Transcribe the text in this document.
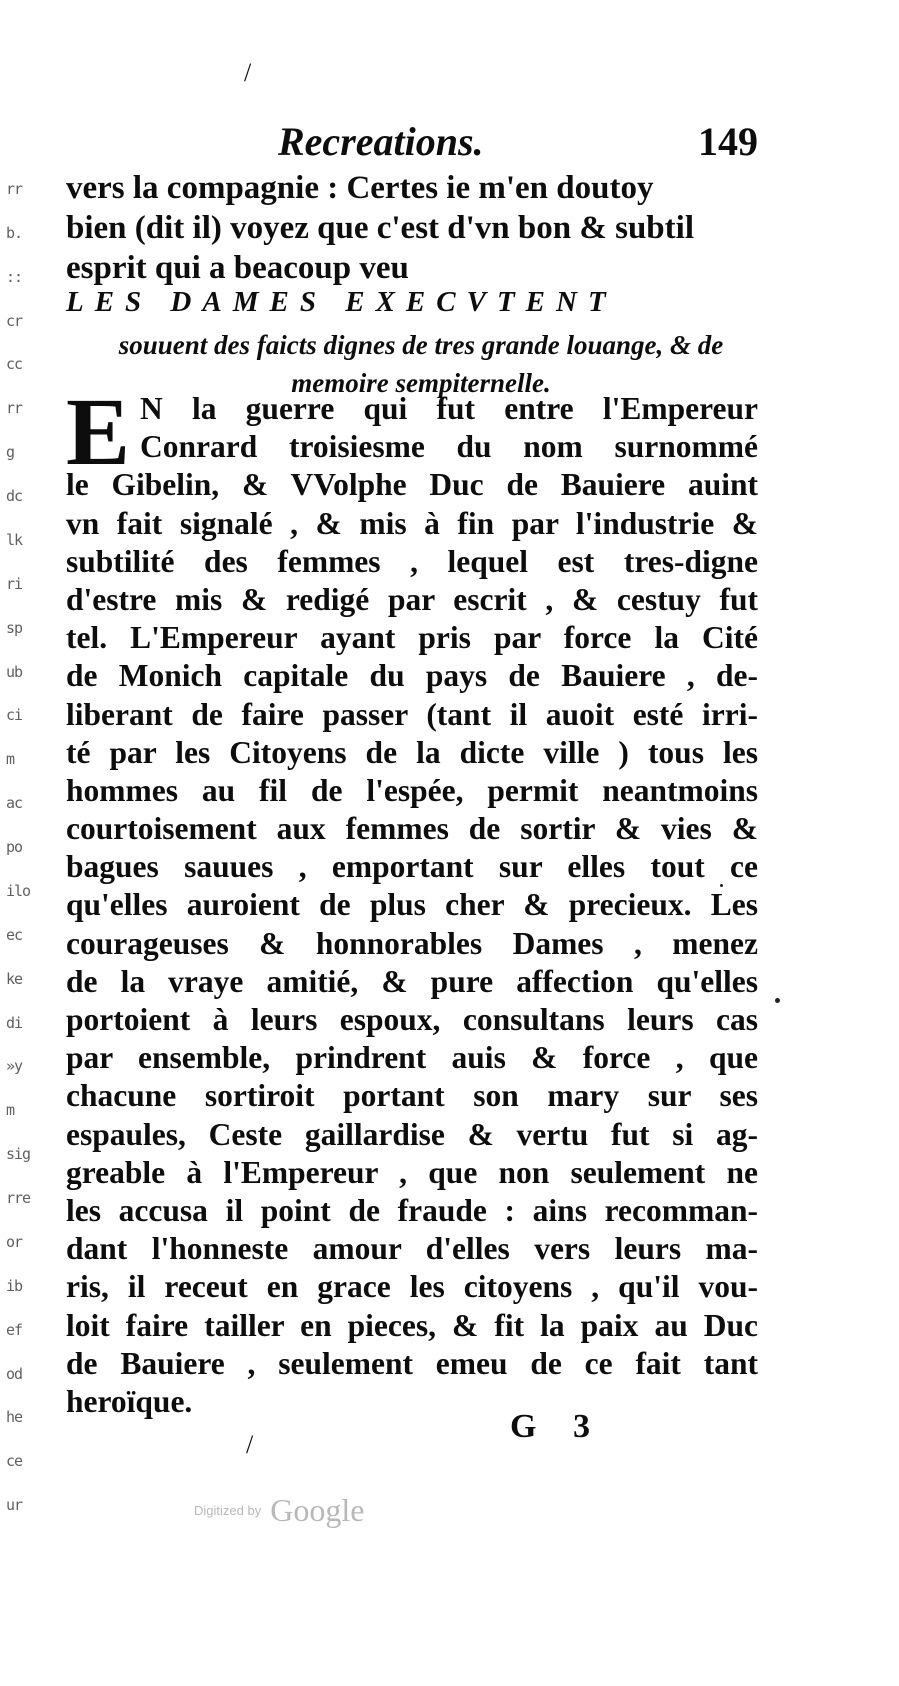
rr
b.
::
cr
cc
rr
g
dc
lk
ri
sp
ub
ci
m
ac
po
ilo
ec
ke
di
»y
m
sig
rre
or
ib
ef
od
he
ce
ur
/
Recreations.	149
vers la compagnie : Certes ie m'en doutoy
bien (dit il) voyez que c'est d'vn bon & subtil
esprit qui a beacoup veu
LES DAMES EXECVTENT
souuent des faicts dignes de tres grande louange, & de memoire sempiternelle.
E N la guerre qui fut entre l'Empereur
Conrard troisiesme du nom surnommé
le Gibelin, & VVolphe Duc de Bauiere auint
vn fait signalé , & mis à fin par l'industrie &
subtilité des femmes , lequel est tres-digne
d'estre mis & redigé par escrit , & cestuy fut
tel. L'Empereur ayant pris par force la Cité
de Monich capitale du pays de Bauiere , de-
liberant de faire passer (tant il auoit esté irri-
té par les Citoyens de la dicte ville ) tous les
hommes au fil de l'espée, permit neantmoins
courtoisement aux femmes de sortir & vies &
bagues sauues , emportant sur elles tout ce
qu'elles auroient de plus cher & precieux. Les
courageuses & honnorables Dames , menez
de la vraye amitié, & pure affection qu'elles
portoient à leurs espoux, consultans leurs cas
par ensemble, prindrent auis & force , que
chacune sortiroit portant son mary sur ses
espaules, Ceste gaillardise & vertu fut si ag-
greable à l'Empereur , que non seulement ne
les accusa il point de fraude : ains recomman-
dant l'honneste amour d'elles vers leurs ma-
ris, il receut en grace les citoyens , qu'il vou-
loit faire tailler en pieces, & fit la paix au Duc
de Bauiere , seulement emeu de ce fait tant
heroïque.
G 3
/
Digitized by Google
